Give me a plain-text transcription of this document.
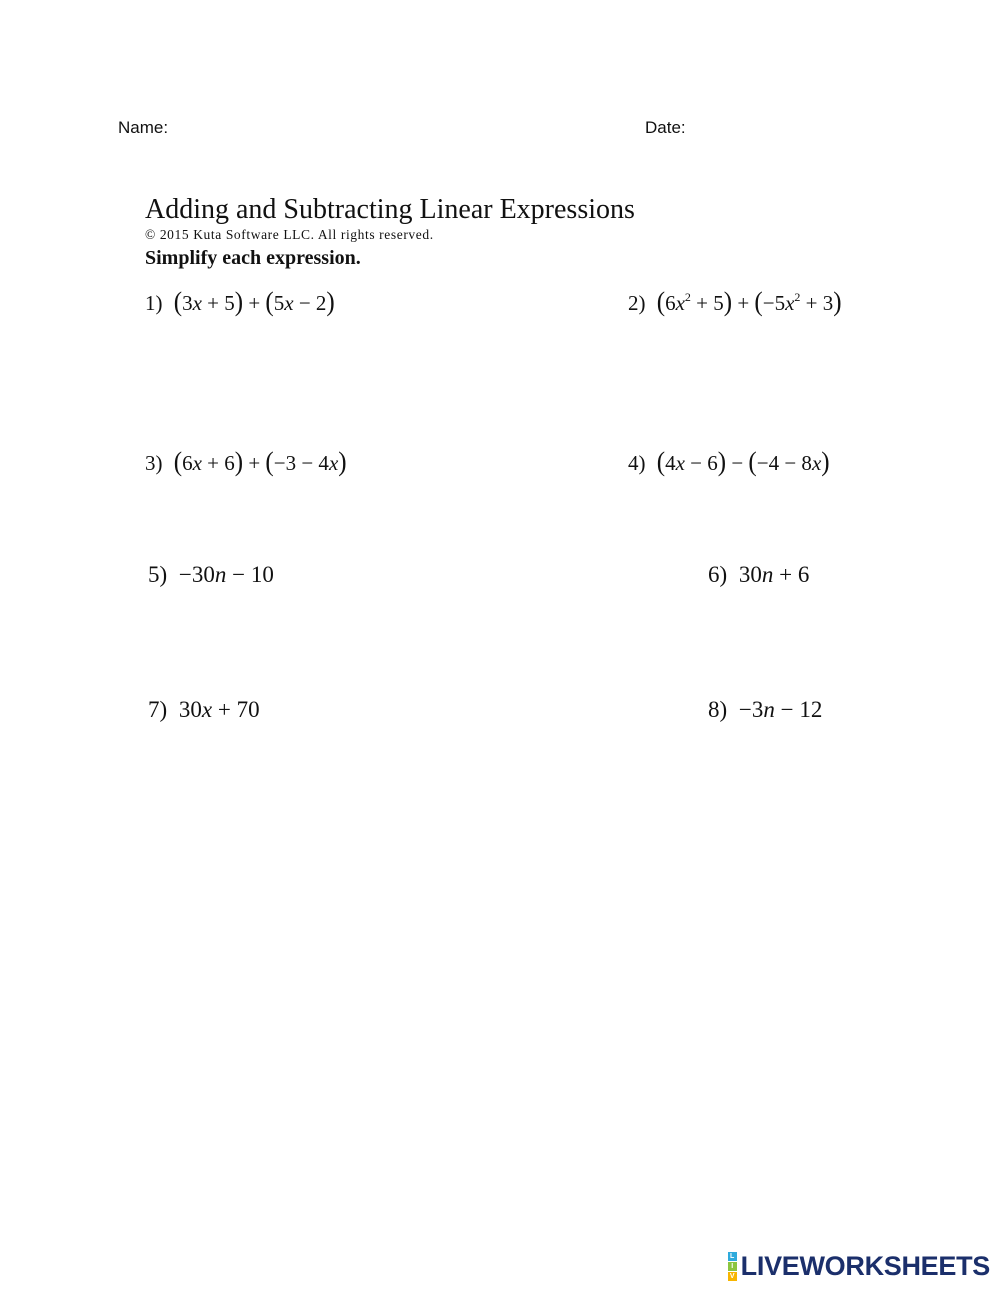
Name:	Date:
Adding and Subtracting Linear Expressions
© 2015 Kuta Software LLC. All rights reserved.
Simplify each expression.
1) (3x + 5) + (5x − 2)	2) $(6x^2 + 5) + (-5x^2 + 3)$
3) (6x + 6) + (−3 − 4x)	4) (4x − 6) − (−4 − 8x)
5) −30n − 10	6) 30n + 6
7) 30x + 70	8) −3n − 12
L
I
V LIVEWORKSHEETS
